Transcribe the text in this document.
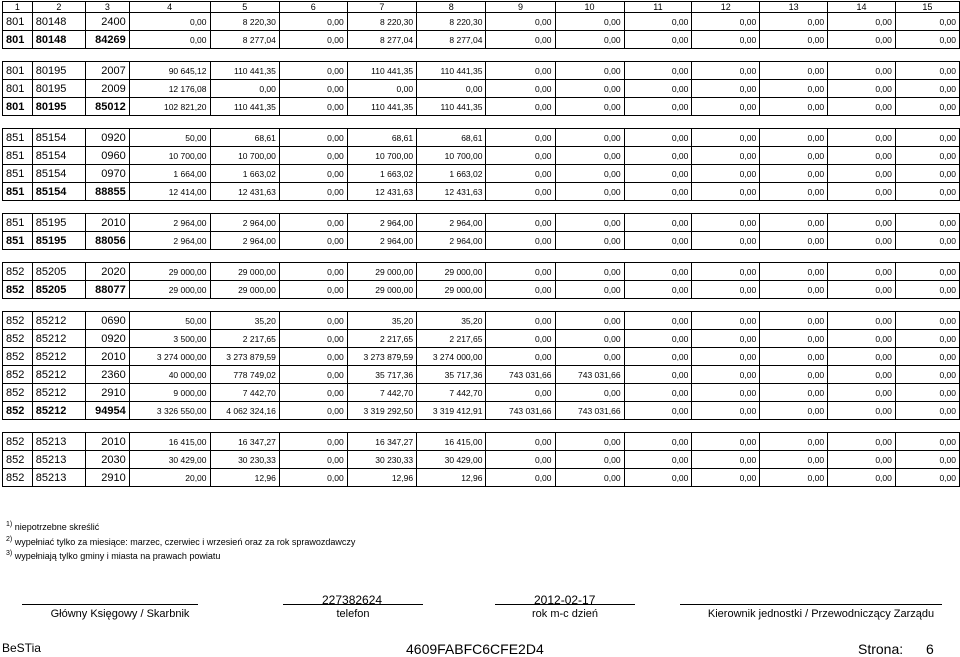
1	2	3	4	5	6	7	8	9	10	11	12	13	14	15
801	80148	2400	0,00	8 220,30	0,00	8 220,30	8 220,30	0,00	0,00	0,00	0,00	0,00	0,00	0,00
801	80148	84269	0,00	8 277,04	0,00	8 277,04	8 277,04	0,00	0,00	0,00	0,00	0,00	0,00	0,00

801	80195	2007	90 645,12	110 441,35	0,00	110 441,35	110 441,35	0,00	0,00	0,00	0,00	0,00	0,00	0,00
801	80195	2009	12 176,08	0,00	0,00	0,00	0,00	0,00	0,00	0,00	0,00	0,00	0,00	0,00
801	80195	85012	102 821,20	110 441,35	0,00	110 441,35	110 441,35	0,00	0,00	0,00	0,00	0,00	0,00	0,00

851	85154	0920	50,00	68,61	0,00	68,61	68,61	0,00	0,00	0,00	0,00	0,00	0,00	0,00
851	85154	0960	10 700,00	10 700,00	0,00	10 700,00	10 700,00	0,00	0,00	0,00	0,00	0,00	0,00	0,00
851	85154	0970	1 664,00	1 663,02	0,00	1 663,02	1 663,02	0,00	0,00	0,00	0,00	0,00	0,00	0,00
851	85154	88855	12 414,00	12 431,63	0,00	12 431,63	12 431,63	0,00	0,00	0,00	0,00	0,00	0,00	0,00

851	85195	2010	2 964,00	2 964,00	0,00	2 964,00	2 964,00	0,00	0,00	0,00	0,00	0,00	0,00	0,00
851	85195	88056	2 964,00	2 964,00	0,00	2 964,00	2 964,00	0,00	0,00	0,00	0,00	0,00	0,00	0,00

852	85205	2020	29 000,00	29 000,00	0,00	29 000,00	29 000,00	0,00	0,00	0,00	0,00	0,00	0,00	0,00
852	85205	88077	29 000,00	29 000,00	0,00	29 000,00	29 000,00	0,00	0,00	0,00	0,00	0,00	0,00	0,00

852	85212	0690	50,00	35,20	0,00	35,20	35,20	0,00	0,00	0,00	0,00	0,00	0,00	0,00
852	85212	0920	3 500,00	2 217,65	0,00	2 217,65	2 217,65	0,00	0,00	0,00	0,00	0,00	0,00	0,00
852	85212	2010	3 274 000,00	3 273 879,59	0,00	3 273 879,59	3 274 000,00	0,00	0,00	0,00	0,00	0,00	0,00	0,00
852	85212	2360	40 000,00	778 749,02	0,00	35 717,36	35 717,36	743 031,66	743 031,66	0,00	0,00	0,00	0,00	0,00
852	85212	2910	9 000,00	7 442,70	0,00	7 442,70	7 442,70	0,00	0,00	0,00	0,00	0,00	0,00	0,00
852	85212	94954	3 326 550,00	4 062 324,16	0,00	3 319 292,50	3 319 412,91	743 031,66	743 031,66	0,00	0,00	0,00	0,00	0,00

852	85213	2010	16 415,00	16 347,27	0,00	16 347,27	16 415,00	0,00	0,00	0,00	0,00	0,00	0,00	0,00
852	85213	2030	30 429,00	30 230,33	0,00	30 230,33	30 429,00	0,00	0,00	0,00	0,00	0,00	0,00	0,00
852	85213	2910	20,00	12,96	0,00	12,96	12,96	0,00	0,00	0,00	0,00	0,00	0,00	0,00
$^{1)}$ niepotrzebne skreślić
$^{2)}$ wypełniać tylko za miesiące: marzec, czerwiec i wrzesień oraz za rok sprawozdawczy
$^{3)}$ wypełniają tylko gminy i miasta na prawach powiatu
227382624	2012-02-17
Główny Księgowy / Skarbnik	telefon	rok m-c dzień	Kierownik jednostki / Przewodniczący Zarządu
BeSTia	4609FABFC6CFE2D4	Strona: 6
